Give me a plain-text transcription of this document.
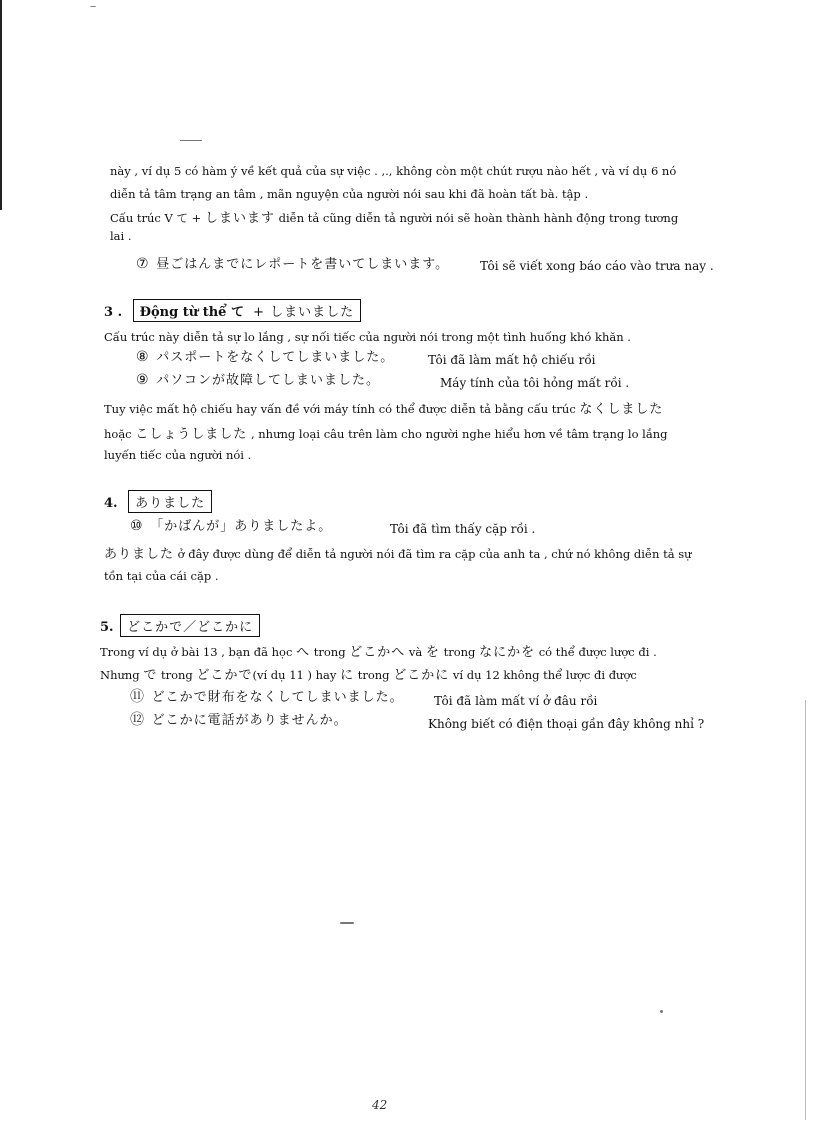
này , ví dụ 5 có hàm ý về kết quả của sự việc . ,., không còn một chút rượu nào hết , và ví dụ 6 nó
diễn tả tâm trạng an tâm , mãn nguyện của người nói sau khi đã hoàn tất bà. tập .
Cấu trúc V て + しまいます diễn tả cũng diễn tả người nói sẽ hoàn thành hành động trong tương
lai .
⑦ 昼ごはんまでにレポートを書いてしまいます。	Tôi sẽ viết xong báo cáo vào trưa nay .
3 . Động từ thể て + しまいました
Cấu trúc này diễn tả sự lo lắng , sự nối tiếc của người nói trong một tình huống khó khăn .
⑧ パスポートをなくしてしまいました。	Tôi đã làm mất hộ chiếu rồi
⑨ パソコンが故障してしまいました。	Máy tính của tôi hỏng mất rồi .
Tuy việc mất hộ chiếu hay vấn đề với máy tính có thể được diễn tả bằng cấu trúc なくしました
hoặc こしょうしました , nhưng loại câu trên làm cho người nghe hiểu hơn về tâm trạng lo lắng
luyến tiếc của người nói .
4. ありました
⑩ 「かばんが」ありましたよ。	Tôi đã tìm thấy cặp rồi .
ありました ở đây được dùng để diễn tả người nói đã tìm ra cặp của anh ta , chứ nó không diễn tả sự
tồn tại của cái cặp .
5. どこかで／どこかに
Trong ví dụ ở bài 13 , bạn đã học へ trong どこかへ và を trong なにかを có thể được lược đi .
Nhưng で trong どこかで(ví dụ 11 ) hay に trong どこかに ví dụ 12 không thể lược đi được
⑪ どこかで財布をなくしてしまいました。	Tôi đã làm mất ví ở đâu rồi
⑫ どこかに電話がありませんか。	Không biết có điện thoại gần đây không nhỉ ?
42
